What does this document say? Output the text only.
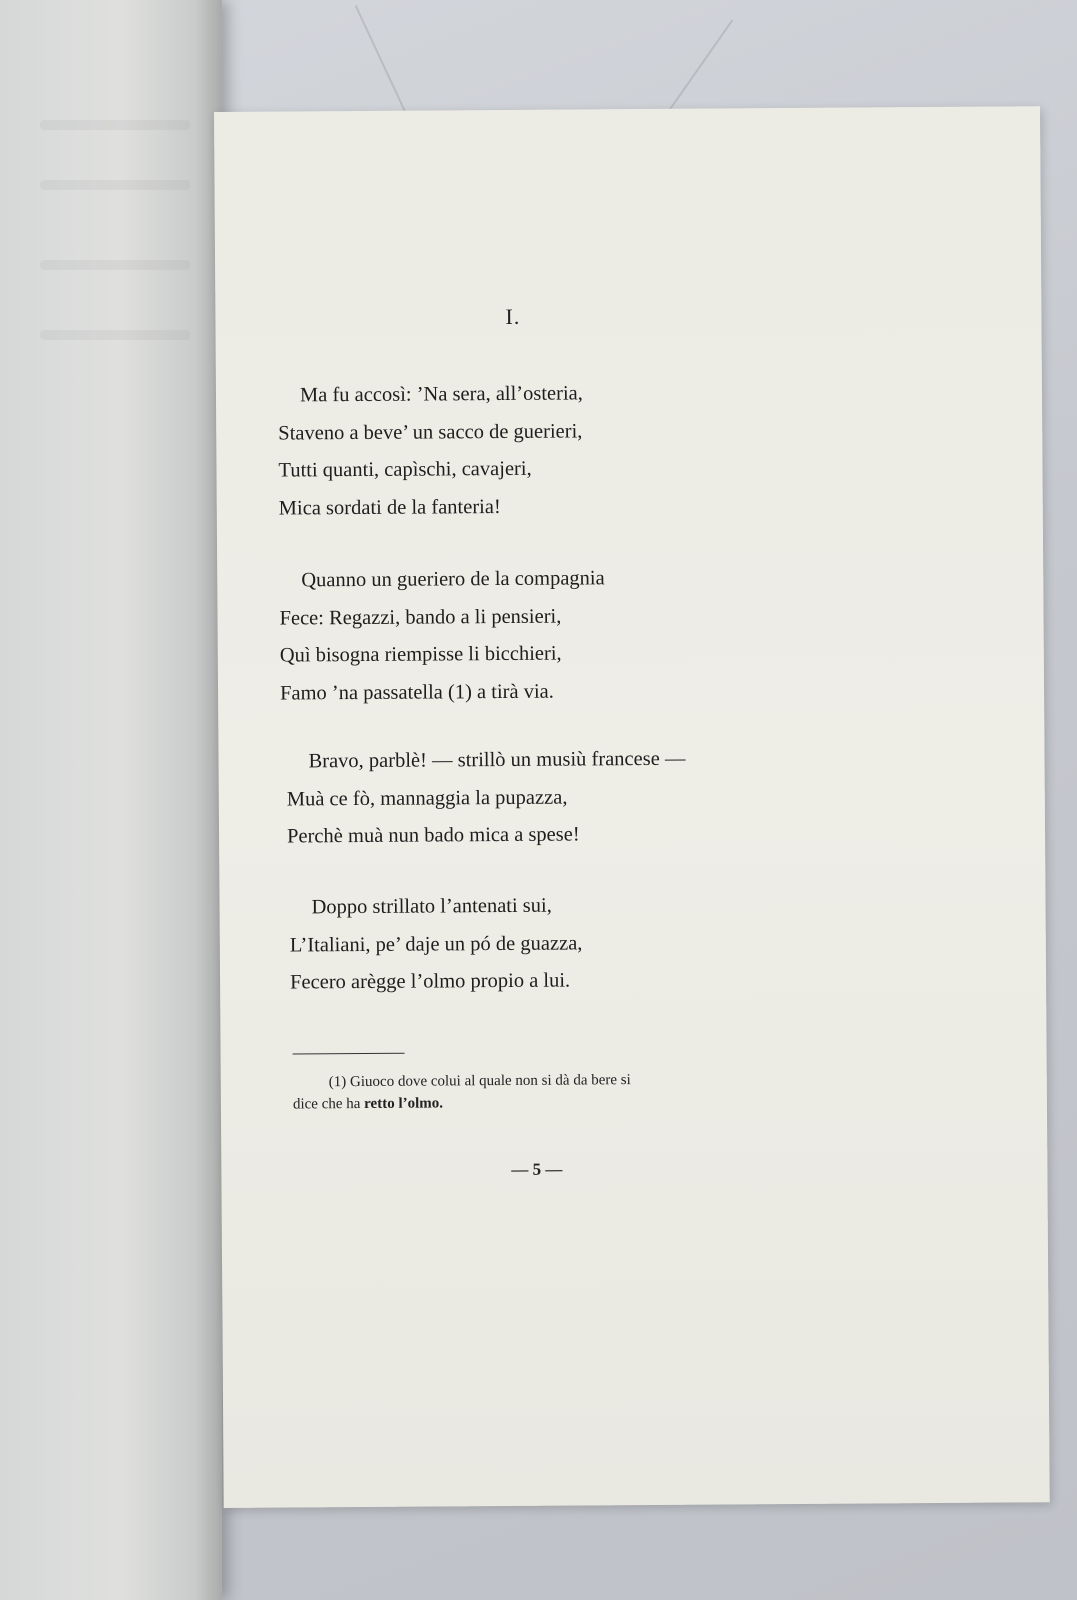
I.
Ma fu accosì: ’Na sera, all’osteria,
Staveno a beve’ un sacco de guerieri,
Tutti quanti, capìschi, cavajeri,
Mica sordati de la fanteria!
Quanno un gueriero de la compagnia
Fece: Regazzi, bando a li pensieri,
Quì bisogna riempisse li bicchieri,
Famo ’na passatella (1) a tirà via.
Bravo, parblè! — strillò un musiù francese —
Muà ce fò, mannaggia la pupazza,
Perchè muà nun bado mica a spese!
Doppo strillato l’antenati sui,
L’Italiani, pe’ daje un pó de guazza,
Fecero arègge l’olmo propio a lui.
(1) Giuoco dove colui al quale non si dà da bere si
dice che ha retto l’olmo.
— 5 —
